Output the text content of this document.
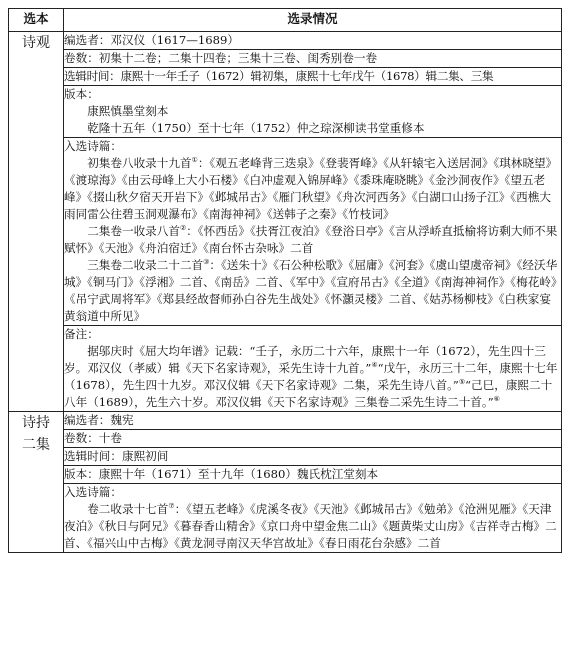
选本	选录情况
诗观	编选者：邓汉仪（1617—1689）
	卷数：初集十二卷；二集十四卷；三集十三卷、闺秀别卷一卷
	选辑时间：康熙十一年壬子（1672）辑初集，康熙十七年戊午（1678）辑二集、三集

	版本：
康熙慎墨堂刻本
乾隆十五年（1750）至十七年（1752）仲之琮深柳读书堂重修本

	入选诗篇：

初集卷八收录十九首①：《观五老峰背三迭泉》《登裴胥峰》《从轩辕宅入送居洞》《琪林晓望》《渡琼海》《由云母峰上大小石楼》《白冲虚观入锦屏峰》《黍珠庵晓眺》《金沙洞夜作》《望五老峰》《掇山秋夕宿天开岩下》《邺城吊古》《雁门秋望》《舟次河西务》《白湖口山扬子江》《西樵大雨同雷公往碧玉洞观瀑布》《南海神祠》《送韩子之秦》《竹枝词》

二集卷一收录八首②：《怀西岳》《扶胥江夜泊》《登浴日亭》《言从浮峤直抵榆将访剩大师不果赋怀》《天池》《舟泊宿迁》《南台怀古杂咏》二首

三集卷二收录二十二首③：《送朱十》《石公种松歌》《屈庸》《河套》《虞山望虞帝祠》《经沃华城》《铜马门》《浮湘》二首、《南岳》二首、《军中》《宣府吊古》《全道》《南海神祠作》《梅花岭》《吊宁武周将军》《郑县经故督师孙白谷先生战处》《怀灝灵楼》二首、《姑苏杨柳枝》《白秩家宴黄翁道中所见》

	备注：

据邬庆时《屈大均年谱》记载：“壬子，永历二十六年，康熙十一年（1672），先生四十三岁。邓汉仪（孝威）辑《天下名家诗观》，采先生诗十九首。”④“戊午，永历三十二年，康熙十七年（1678），先生四十九岁。邓汉仪辑《天下名家诗观》二集，采先生诗八首。”⑤“己巳，康熙二十八年（1689），先生六十岁。邓汉仪辑《天下名家诗观》三集卷二采先生诗二十首。”⑥

诗持二集	编选者：魏宪
	卷数：十卷
	选辑时间：康熙初间
	版本：康熙十年（1671）至十九年（1680）魏氏枕江堂刻本

	入选诗篇：

卷二收录十七首⑦：《望五老峰》《虎溪冬夜》《天池》《邺城吊古》《勉弟》《沧洲见雁》《天津夜泊》《秋日与阿兄》《暮春香山精舍》《京口舟中望金焦二山》《题黄柴丈山房》《吉祥寺古梅》二首、《福兴山中古梅》《黄龙洞寻南汉天华宫故址》《春日雨花台杂感》二首
